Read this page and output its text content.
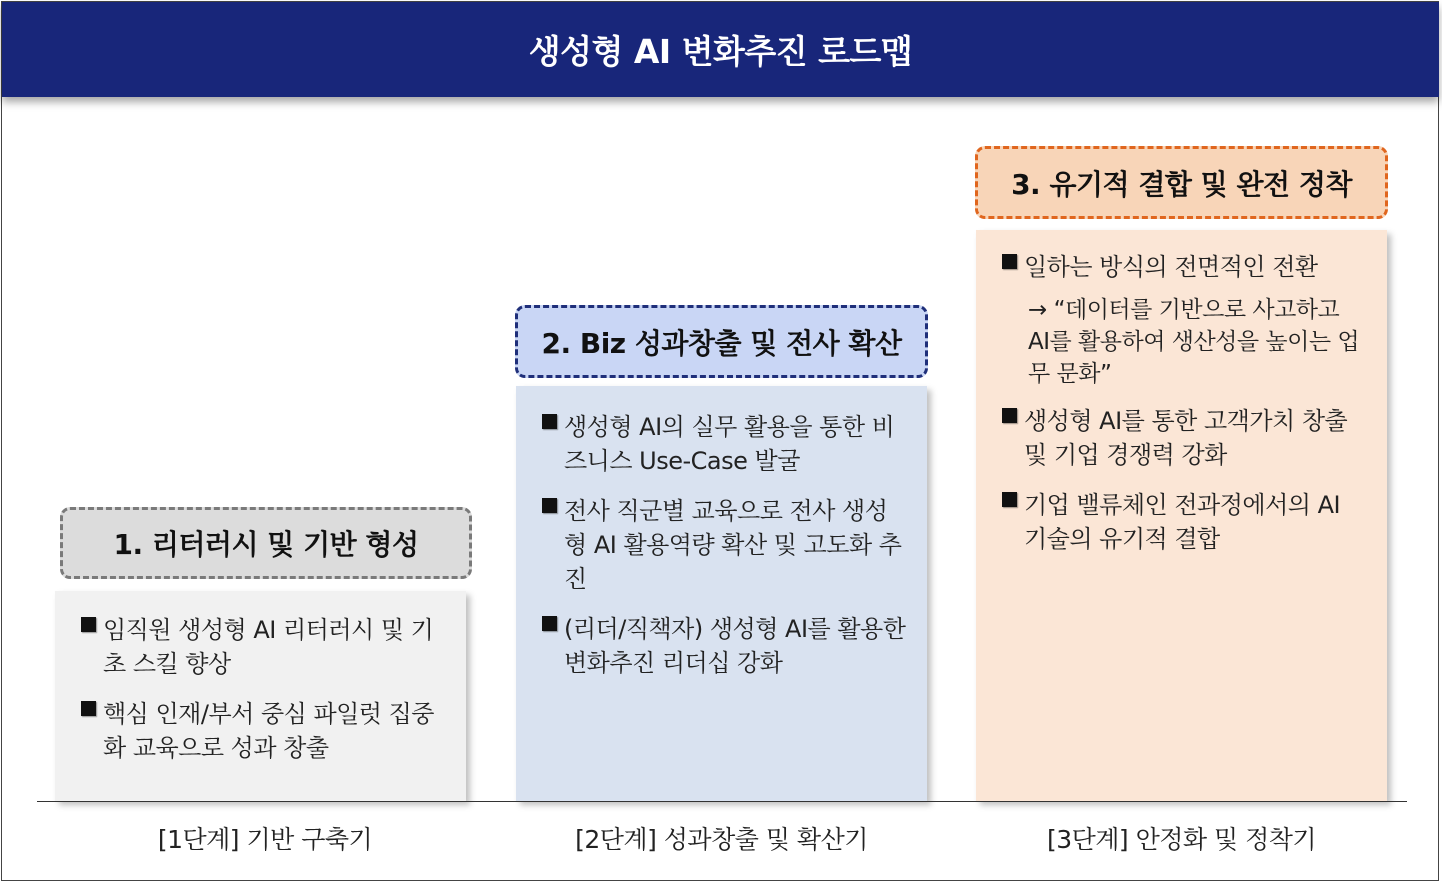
생성형 AI 변화추진 로드맵
1. 리터러시 및 기반 형성
임직원 생성형 AI 리터러시 및 기초 스킬 향상
핵심 인재/부서 중심 파일럿 집중화 교육으로 성과 창출
2. Biz 성과창출 및 전사 확산
생성형 AI의 실무 활용을 통한 비즈니스 Use-Case 발굴
전사 직군별 교육으로 전사 생성형 AI 활용역량 확산 및 고도화 추진
(리더/직책자) 생성형 AI를 활용한 변화추진 리더십 강화
3. 유기적 결합 및 완전 정착
일하는 방식의 전면적인 전환
→ “데이터를 기반으로 사고하고 AI를 활용하여 생산성을 높이는 업무 문화”
생성형 AI를 통한 고객가치 창출 및 기업 경쟁력 강화
기업 밸류체인 전과정에서의 AI 기술의 유기적 결합
[1단계] 기반 구축기	[2단계] 성과창출 및 확산기	[3단계] 안정화 및 정착기
